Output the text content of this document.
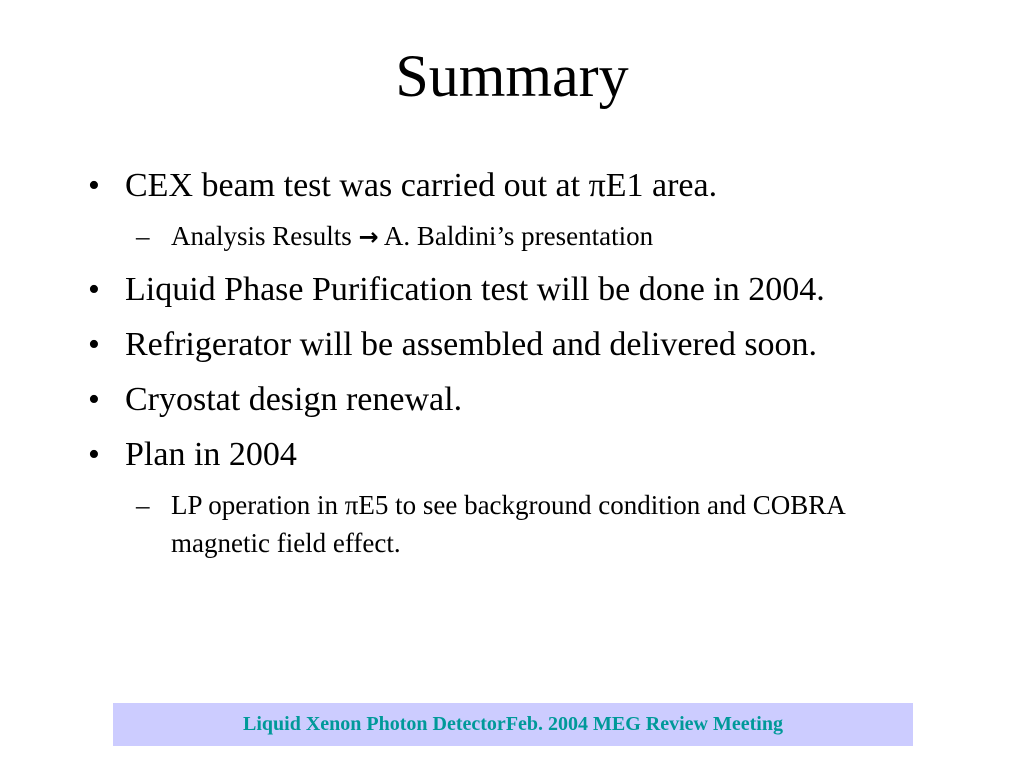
Summary
• CEX beam test was carried out at πE1 area.
– Analysis Results → A. Baldini’s presentation
• Liquid Phase Purification test will be done in 2004.
• Refrigerator will be assembled and delivered soon.
• Cryostat design renewal.
• Plan in 2004
– LP operation in πE5 to see background condition and COBRA magnetic field effect.
Liquid Xenon Photon Detector Feb. 2004 MEG Review Meeting
